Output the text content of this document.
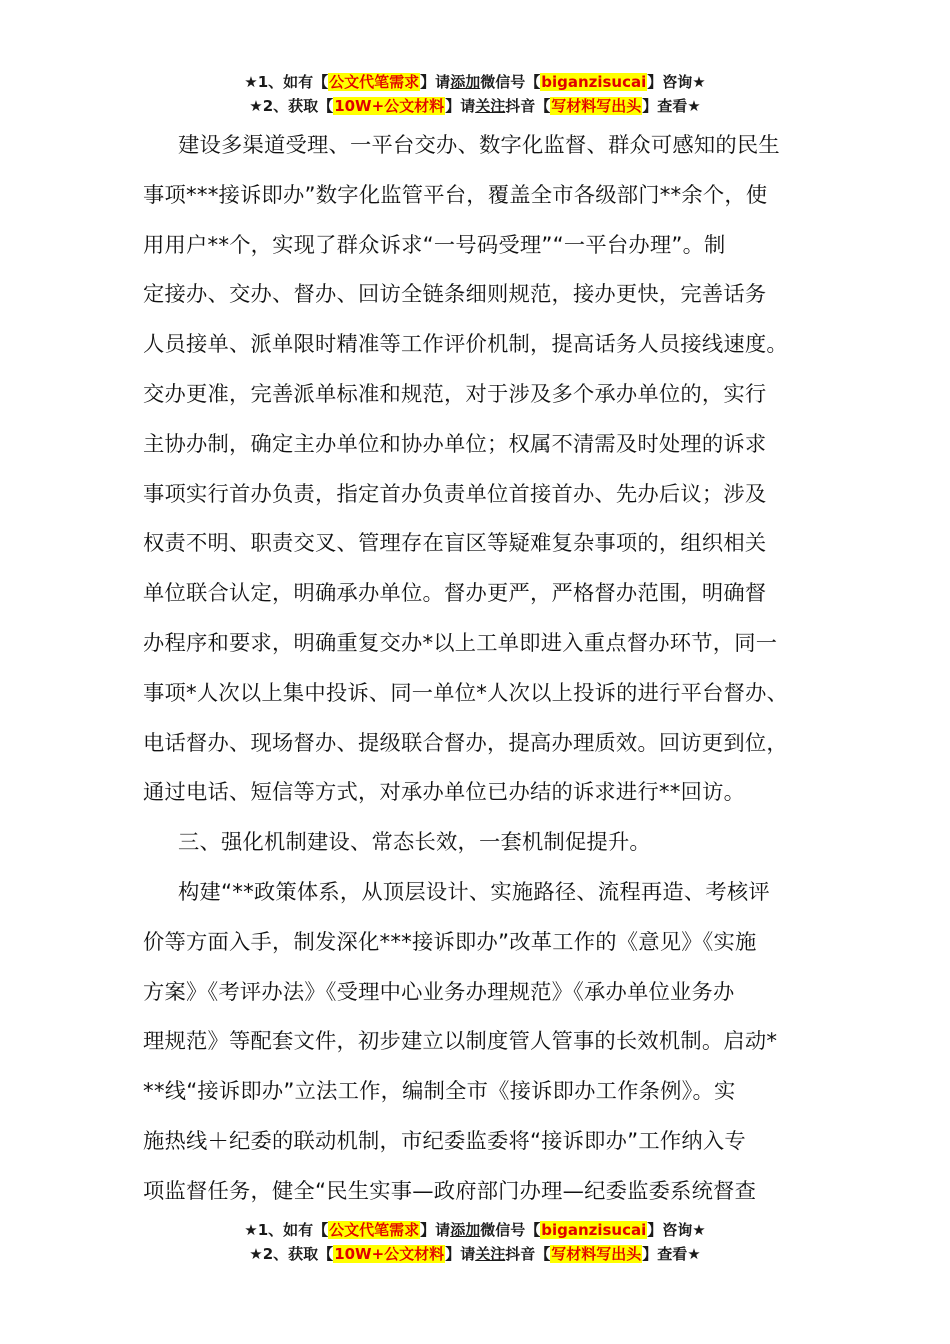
★1、如有【公文代笔需求】请添加微信号【biganzisucai】咨询★
★2、获取【10W+公文材料】请关注抖音【写材料写出头】查看★
建设多渠道受理、一平台交办、数字化监督、群众可感知的民生
事项***接诉即办”数字化监管平台，覆盖全市各级部门**余个，使
用用户**个，实现了群众诉求“一号码受理”“一平台办理”。制
定接办、交办、督办、回访全链条细则规范，接办更快，完善话务
人员接单、派单限时精准等工作评价机制，提高话务人员接线速度。
交办更准，完善派单标准和规范，对于涉及多个承办单位的，实行
主协办制，确定主办单位和协办单位；权属不清需及时处理的诉求
事项实行首办负责，指定首办负责单位首接首办、先办后议；涉及
权责不明、职责交叉、管理存在盲区等疑难复杂事项的，组织相关
单位联合认定，明确承办单位。督办更严，严格督办范围，明确督
办程序和要求，明确重复交办*以上工单即进入重点督办环节，同一
事项*人次以上集中投诉、同一单位*人次以上投诉的进行平台督办、
电话督办、现场督办、提级联合督办，提高办理质效。回访更到位，
通过电话、短信等方式，对承办单位已办结的诉求进行**回访。
三、强化机制建设、常态长效，一套机制促提升。
构建“**政策体系，从顶层设计、实施路径、流程再造、考核评
价等方面入手，制发深化***接诉即办”改革工作的《意见》《实施
方案》《考评办法》《受理中心业务办理规范》《承办单位业务办
理规范》等配套文件，初步建立以制度管人管事的长效机制。启动*
**线“接诉即办”立法工作，编制全市《接诉即办工作条例》。实
施热线＋纪委的联动机制，市纪委监委将“接诉即办”工作纳入专
项监督任务，健全“民生实事—政府部门办理—纪委监委系统督查
★1、如有【公文代笔需求】请添加微信号【biganzisucai】咨询★
★2、获取【10W+公文材料】请关注抖音【写材料写出头】查看★
